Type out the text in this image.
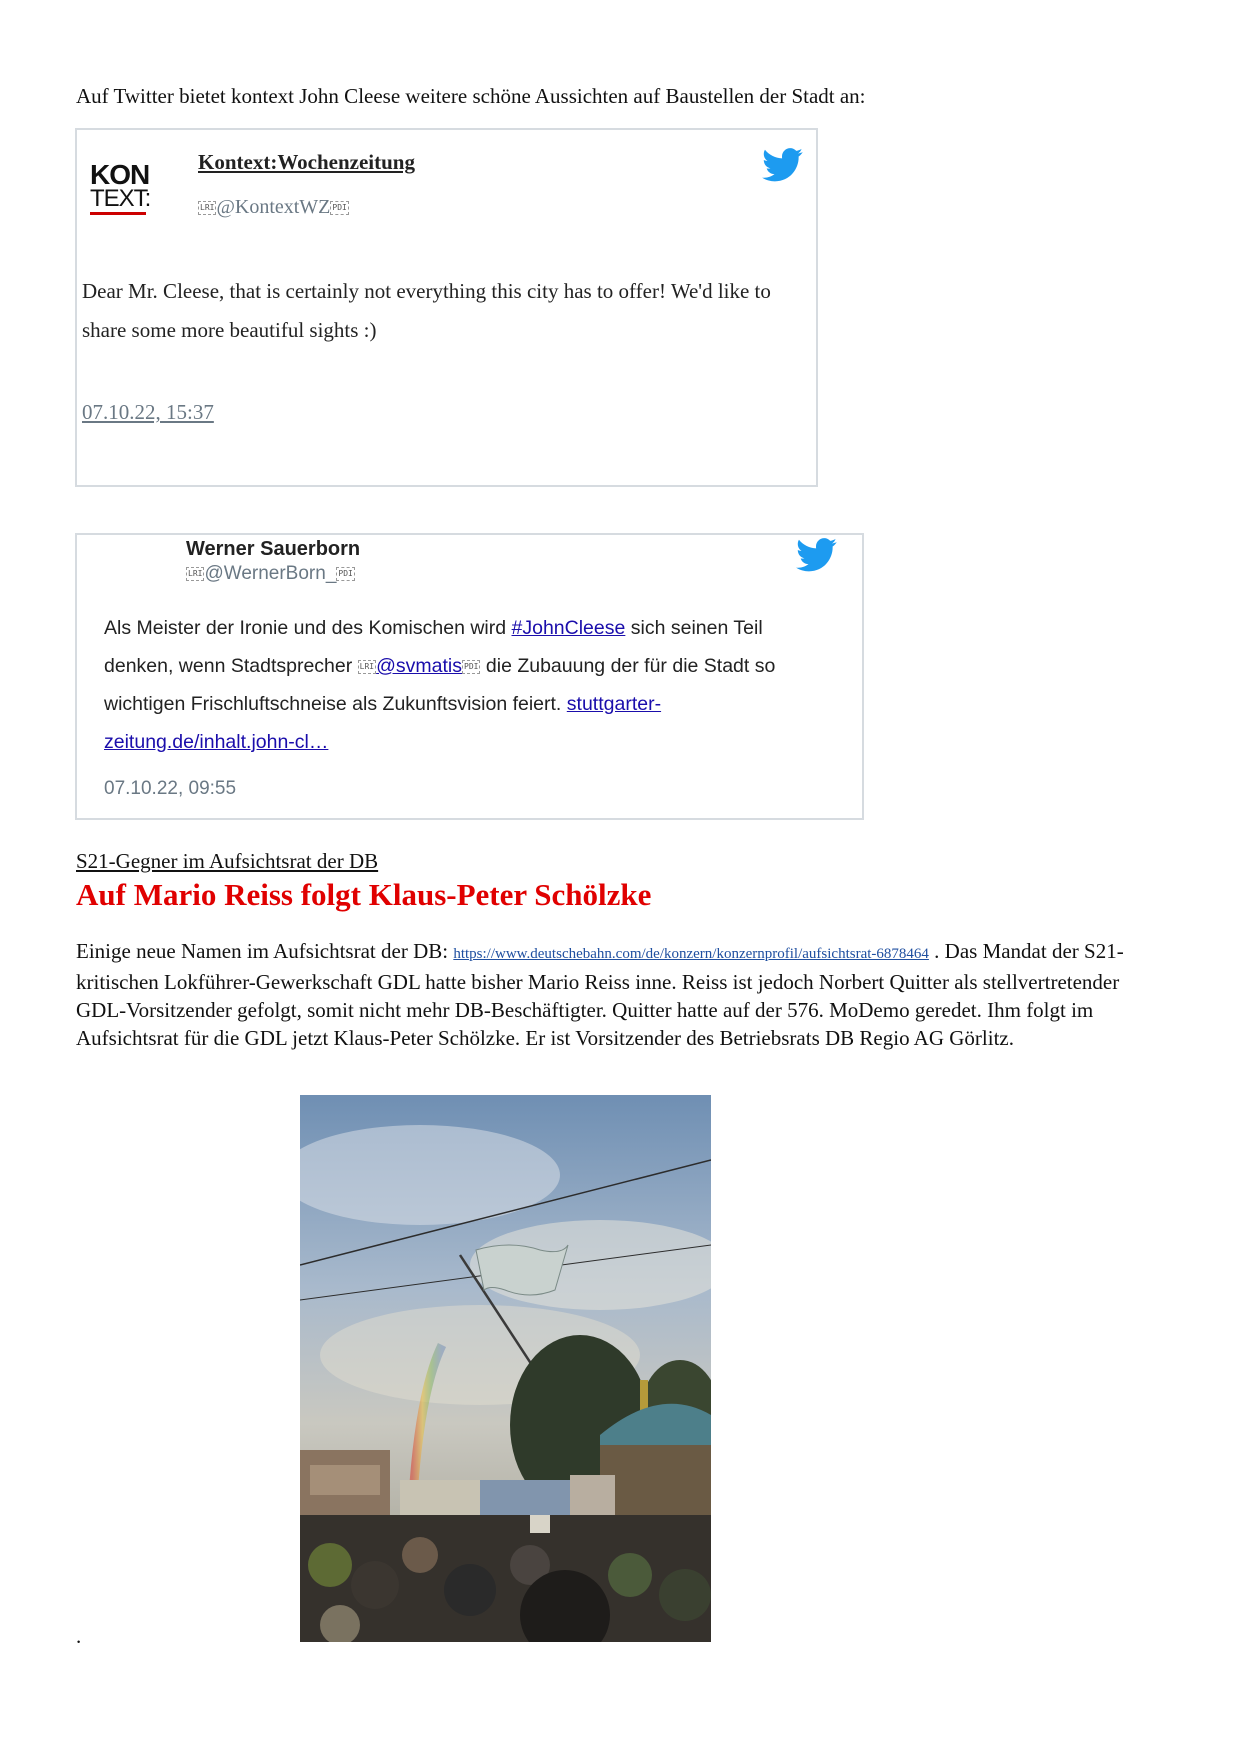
Auf Twitter bietet kontext John Cleese weitere schöne Aussichten auf Baustellen der Stadt an:
KON
TEXT:
Kontext:Wochenzeitung
LRI @KontextWZ PDI
Dear Mr. Cleese, that is certainly not everything this city has to offer! We'd like to share some more beautiful sights :)
07.10.22, 15:37
Werner Sauerborn
LRI @WernerBorn_ PDI
Als Meister der Ironie und des Komischen wird #JohnCleese sich seinen Teil denken, wenn Stadtsprecher LRI @svmatis PDI die Zubauung der für die Stadt so wichtigen Frischluftschneise als Zukunftsvision feiert. stuttgarter-zeitung.de/inhalt.john-cl…
07.10.22, 09:55
S21-Gegner im Aufsichtsrat der DB
Auf Mario Reiss folgt Klaus-Peter Schölzke
Einige neue Namen im Aufsichtsrat der DB: https://www.deutschebahn.com/de/konzern/konzernprofil/aufsichtsrat-6878464 . Das Mandat der S21-kritischen Lokführer-Gewerkschaft GDL hatte bisher Mario Reiss inne. Reiss ist jedoch Norbert Quitter als stellvertretender GDL-Vorsitzender gefolgt, somit nicht mehr DB-Beschäftigter. Quitter hatte auf der 576. MoDemo geredet. Ihm folgt im Aufsichtsrat für die GDL jetzt Klaus-Peter Schölzke. Er ist Vorsitzender des Betriebsrats DB Regio AG Görlitz.
.
